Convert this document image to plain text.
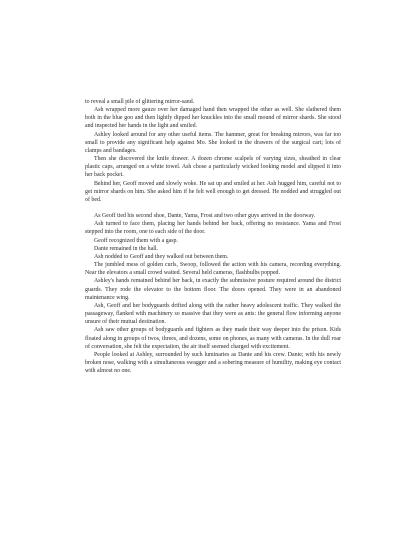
to reveal a small pile of glittering mirror-sand.

Ash wrapped more gauze over her damaged hand then wrapped the other as well. She slathered them both in the blue goo and then lightly dipped her knuckles into the small mound of mirror shards. She stood and inspected her hands in the light and smiled.

Ashley looked around for any other useful items. The hammer, great for breaking mirrors, was far too small to provide any significant help against Mo. She looked in the drawers of the surgical cart; lots of clamps and bandages.

Then she discovered the knife drawer. A dozen chrome scalpels of varying sizes, sheathed in clear plastic caps, arranged on a white towel. Ash chose a particularly wicked looking model and slipped it into her back pocket.

Behind her, Geoff moved and slowly woke. He sat up and smiled at her. Ash hugged him, careful not to get mirror shards on him. She asked him if he felt well enough to get dressed. He nodded and struggled out of bed.

As Geoff tied his second shoe, Dante, Yama, Frost and two other guys arrived in the doorway.

Ash turned to face them, placing her hands behind her back, offering no resistance. Yama and Frost stepped into the room, one to each side of the door.

Geoff recognized them with a gasp.

Dante remained in the hall.

Ash nodded to Geoff and they walked out between them.

The jumbled mess of golden curls, Swoop, followed the action with his camera, recording everything. Near the elevators a small crowd waited. Several held cameras, flashbulbs popped.

Ashley's hands remained behind her back, in exactly the submissive posture required around the district guards. They rode the elevator to the bottom floor. The doors opened. They were in an abandoned maintenance wing.

Ash, Geoff and her bodyguards drifted along with the rather heavy adolescent traffic. They walked the passageway, flanked with machinery so massive that they were as ants: the general flow informing anyone unsure of their mutual destination.

Ash saw other groups of bodyguards and fighters as they made their way deeper into the prison. Kids floated along in groups of twos, threes, and dozens, some on phones, as many with cameras. In the dull roar of conversation, she felt the expectation, the air itself seemed charged with excitement.

People looked at Ashley, surrounded by such luminaries as Dante and his crew. Dante; with his newly broken nose, walking with a simultaneous swagger and a sobering measure of humility, making eye contact with almost no one.
